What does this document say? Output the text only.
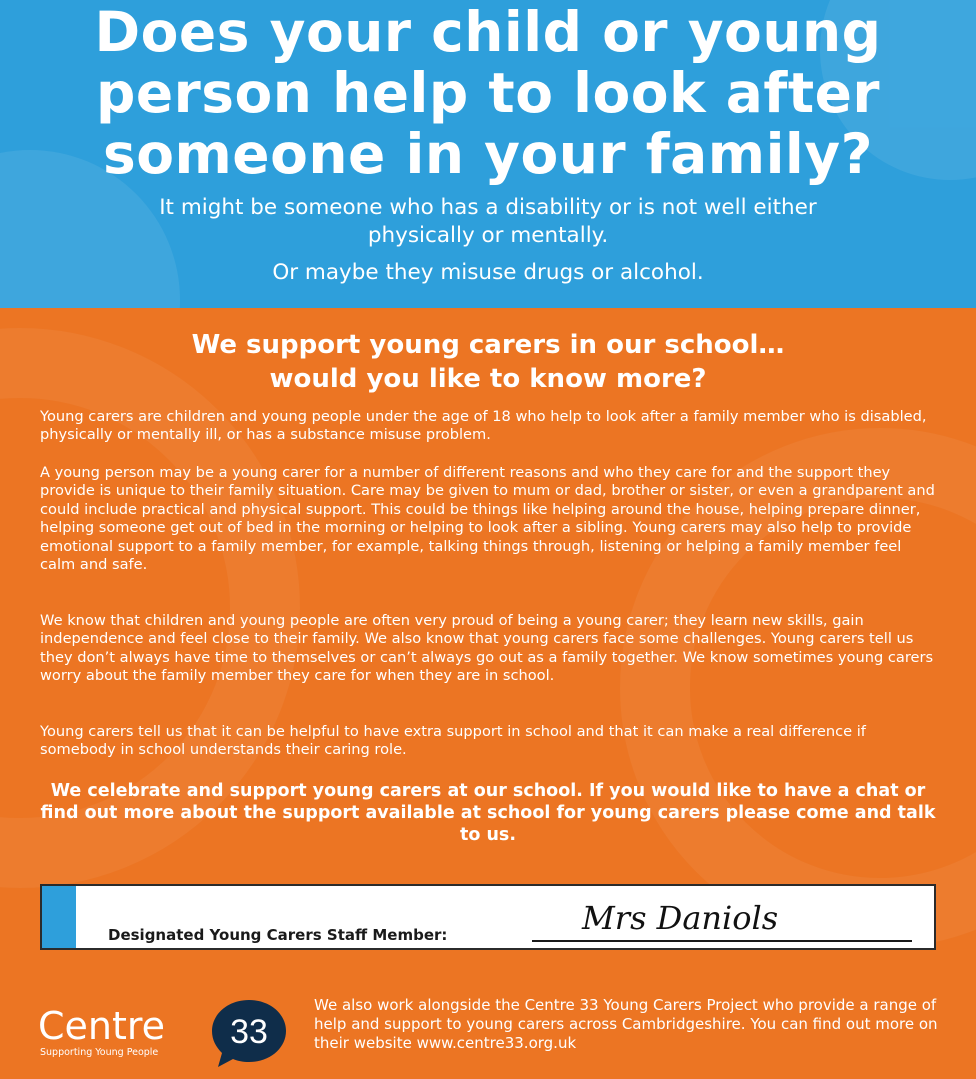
Does your child or young
person help to look after
someone in your family?
It might be someone who has a disability or is not well either
physically or mentally.
Or maybe they misuse drugs or alcohol.
We support young carers in our school…
would you like to know more?

Young carers are children and young people under the age of 18 who help to look after a family member who is disabled, physically or mentally ill, or has a substance misuse problem.

A young person may be a young carer for a number of different reasons and who they care for and the support they provide is unique to their family situation. Care may be given to mum or dad, brother or sister, or even a grandparent and could include practical and physical support. This could be things like helping around the house, helping prepare dinner, helping someone get out of bed in the morning or helping to look after a sibling. Young carers may also help to provide emotional support to a family member, for example, talking things through, listening or helping a family member feel calm and safe.

We know that children and young people are often very proud of being a young carer; they learn new skills, gain independence and feel close to their family. We also know that young carers face some challenges. Young carers tell us they don’t always have time to themselves or can’t always go out as a family together. We know sometimes young carers worry about the family member they care for when they are in school.

Young carers tell us that it can be helpful to have extra support in school and that it can make a real difference if somebody in school understands their caring role.

We celebrate and support young carers at our school. If you would like to have a chat or find out more about the support available at school for young carers please come and talk to us.

Designated Young Carers Staff Member:	Mrs Daniols
Centre 33
Supporting Young People

We also work alongside the Centre 33 Young Carers Project who provide a range of help and support to young carers across Cambridgeshire. You can find out more on their website www.centre33.org.uk
